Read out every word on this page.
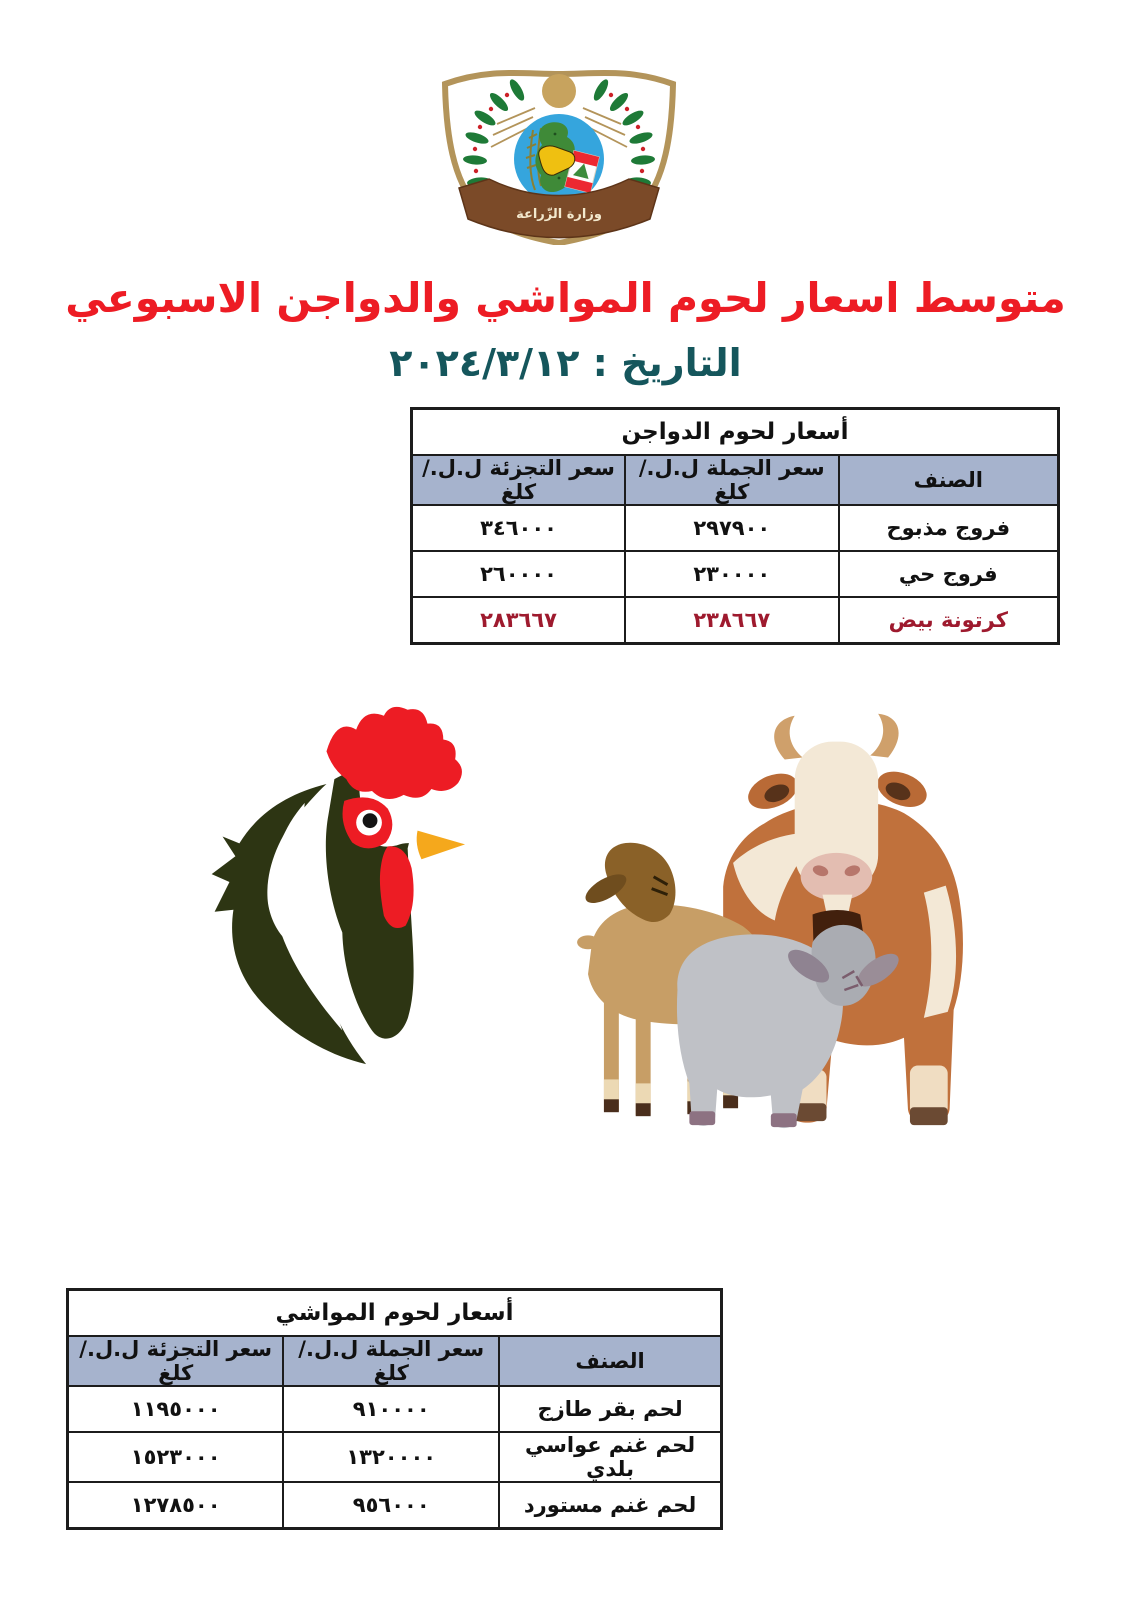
وزارة الزّراعة
متوسط اسعار لحوم المواشي والدواجن الاسبوعي
التاريخ : ٢٠٢٤/٣/١٢
أسعار لحوم الدواجن		
الصنف	سعر الجملة ل.ل./كلغ	سعر التجزئة ل.ل./كلغ
فروج مذبوح	٢٩٧٩٠٠	٣٤٦٠٠٠
فروج حي	٢٣٠٠٠٠	٢٦٠٠٠٠
كرتونة بيض	٢٣٨٦٦٧	٢٨٣٦٦٧
أسعار لحوم المواشي		
الصنف	سعر الجملة ل.ل./كلغ	سعر التجزئة ل.ل./كلغ
لحم بقر طازج	٩١٠٠٠٠	١١٩٥٠٠٠
لحم غنم عواسي بلدي	١٣٢٠٠٠٠	١٥٢٣٠٠٠
لحم غنم مستورد	٩٥٦٠٠٠	١٢٧٨٥٠٠
